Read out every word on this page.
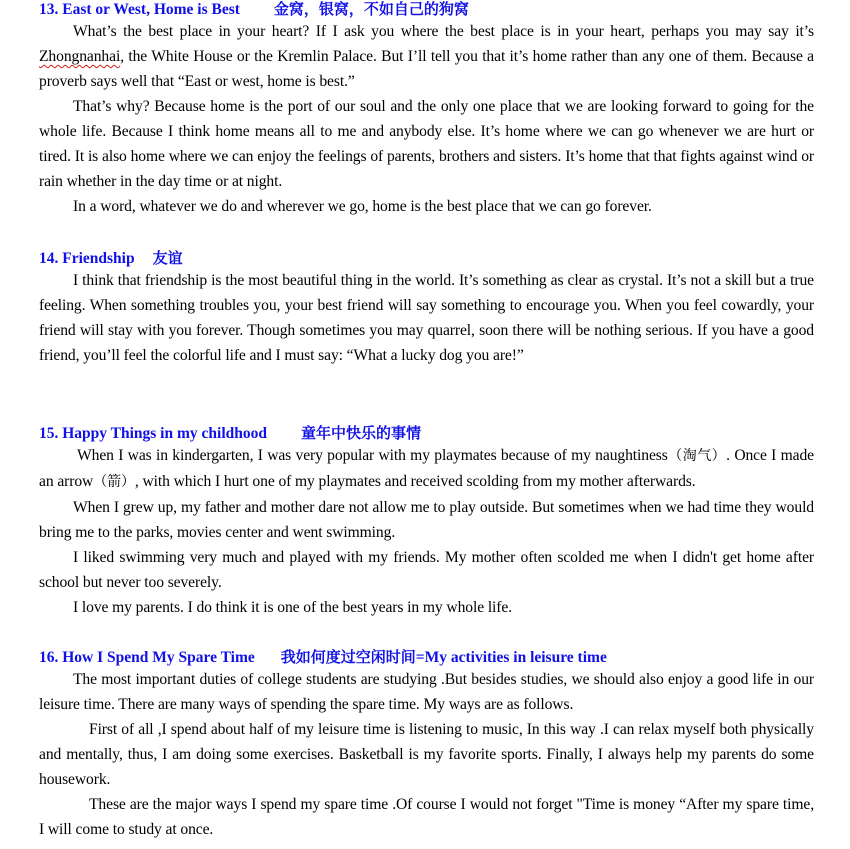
13. East or West, Home is Best 金窝，银窝，不如自己的狗窝

What’s the best place in your heart? If I ask you where the best place is in your heart, perhaps you may say it’s Zhongnanhai, the White House or the Kremlin Palace. But I’ll tell you that it’s home rather than any one of them. Because a proverb says well that “East or west, home is best.”

That’s why? Because home is the port of our soul and the only one place that we are looking forward to going for the whole life. Because I think home means all to me and anybody else. It’s home where we can go whenever we are hurt or tired. It is also home where we can enjoy the feelings of parents, brothers and sisters. It’s home that that fights against wind or rain whether in the day time or at night.

In a word, whatever we do and wherever we go, home is the best place that we can go forever.

14. Friendship 友谊

I think that friendship is the most beautiful thing in the world. It’s something as clear as crystal. It’s not a skill but a true feeling. When something troubles you, your best friend will say something to encourage you. When you feel cowardly, your friend will stay with you forever. Though sometimes you may quarrel, soon there will be nothing serious. If you have a good friend, you’ll feel the colorful life and I must say: “What a lucky dog you are!”

15. Happy Things in my childhood 童年中快乐的事情

When I was in kindergarten, I was very popular with my playmates because of my naughtiness（淘气）. Once I made an arrow（箭）, with which I hurt one of my playmates and received scolding from my mother afterwards.

When I grew up, my father and mother dare not allow me to play outside. But sometimes when we had time they would bring me to the parks, movies center and went swimming.

I liked swimming very much and played with my friends. My mother often scolded me when I didn't get home after school but never too severely.

I love my parents. I do think it is one of the best years in my whole life.

16. How I Spend My Spare Time 我如何度过空闲时间=My activities in leisure time

The most important duties of college students are studying .But besides studies, we should also enjoy a good life in our leisure time. There are many ways of spending the spare time. My ways are as follows.

First of all ,I spend about half of my leisure time is listening to music, In this way .I can relax myself both physically and mentally, thus, I am doing some exercises. Basketball is my favorite sports. Finally, I always help my parents do some housework.

These are the major ways I spend my spare time .Of course I would not forget "Time is money “After my spare time, I will come to study at once.
